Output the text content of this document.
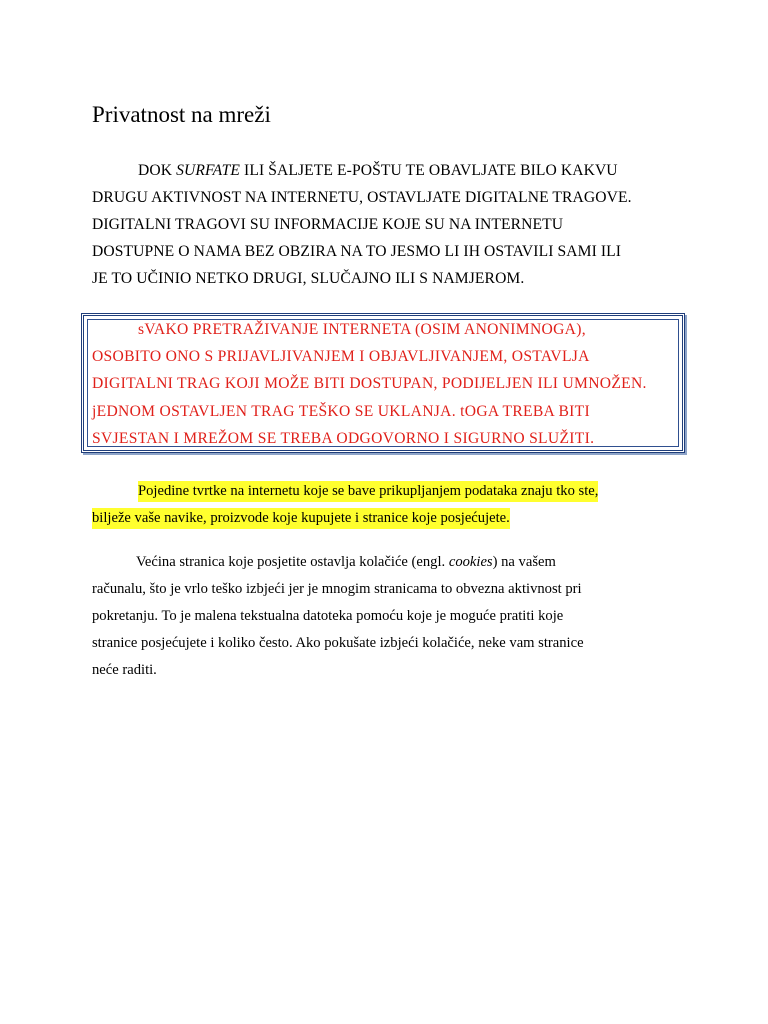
Privatnost na mreži
DOK SURFATE ILI ŠALJETE E-POŠTU TE OBAVLJATE BILO KAKVU
DRUGU AKTIVNOST NA INTERNETU, OSTAVLJATE DIGITALNE TRAGOVE.
DIGITALNI TRAGOVI SU INFORMACIJE KOJE SU NA INTERNETU
DOSTUPNE O NAMA BEZ OBZIRA NA TO JESMO LI IH OSTAVILI SAMI ILI
JE TO UČINIO NETKO DRUGI, SLUČAJNO ILI S NAMJEROM.
sVAKO PRETRAŽIVANJE INTERNETA (OSIM ANONIMNOGA),
OSOBITO ONO S PRIJAVLJIVANJEM I OBJAVLJIVANJEM, OSTAVLJA
DIGITALNI TRAG KOJI MOŽE BITI DOSTUPAN, PODIJELJEN ILI UMNOŽEN.
jEDNOM OSTAVLJEN TRAG TEŠKO SE UKLANJA. tOGA TREBA BITI
SVJESTAN I MREŽOM SE TREBA ODGOVORNO I SIGURNO SLUŽITI.
Pojedine tvrtke na internetu koje se bave prikupljanjem podataka znaju tko ste,
bilježe vaše navike, proizvode koje kupujete i stranice koje posjećujete.
Većina stranica koje posjetite ostavlja kolačiće (engl. cookies) na vašem
računalu, što je vrlo teško izbjeći jer je mnogim stranicama to obvezna aktivnost pri
pokretanju. To je malena tekstualna datoteka pomoću koje je moguće pratiti koje
stranice posjećujete i koliko često. Ako pokušate izbjeći kolačiće, neke vam stranice
neće raditi.
